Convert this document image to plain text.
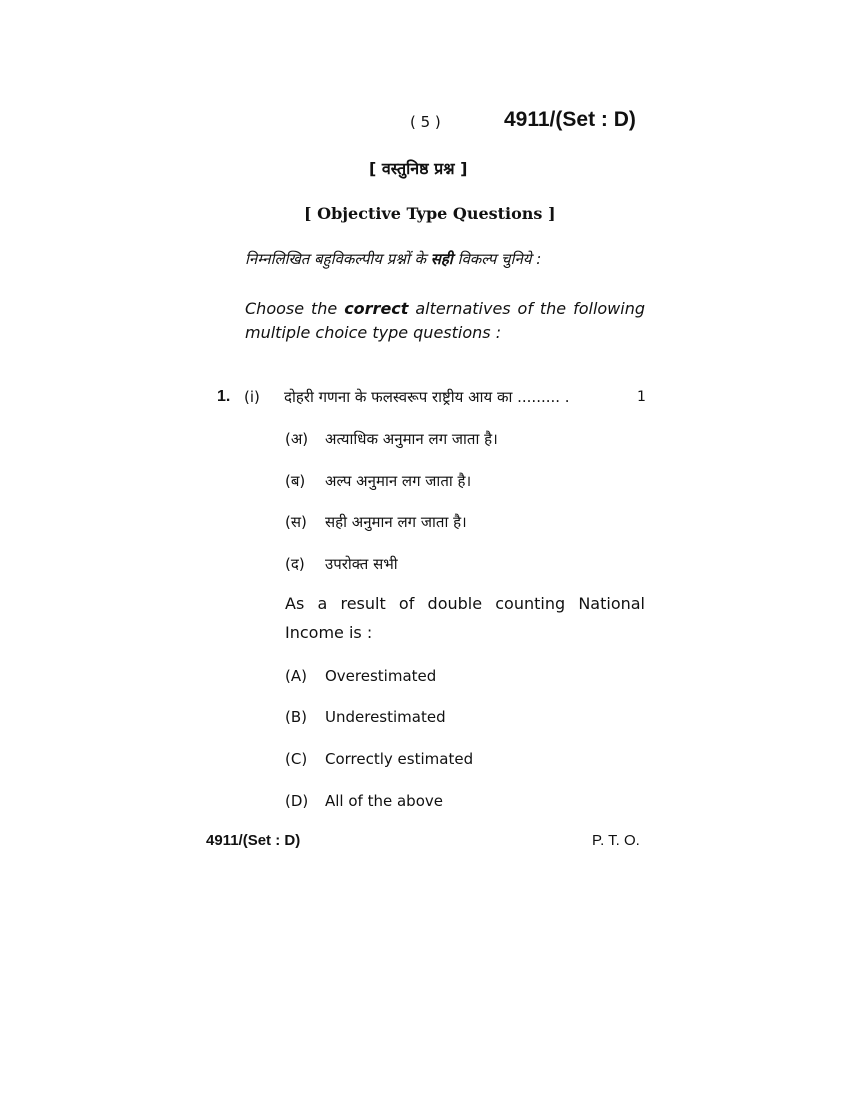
( 5 )	4911/(Set : D)
[ वस्तुनिष्ठ प्रश्न ]
[ Objective Type Questions ]
निम्नलिखित बहुविकल्पीय प्रश्नों के सही विकल्प चुनिये :
Choose the correct alternatives of the following
multiple choice type questions :
1. (i) दोहरी गणना के फलस्वरूप राष्ट्रीय आय का ......... .	1
(अ) अत्याधिक अनुमान लग जाता है।
(ब) अल्प अनुमान लग जाता है।
(स) सही अनुमान लग जाता है।
(द) उपरोक्त सभी
As a result of double counting National
Income is :
(A) Overestimated
(B) Underestimated
(C) Correctly estimated
(D) All of the above
4911/(Set : D)	P. T. O.
